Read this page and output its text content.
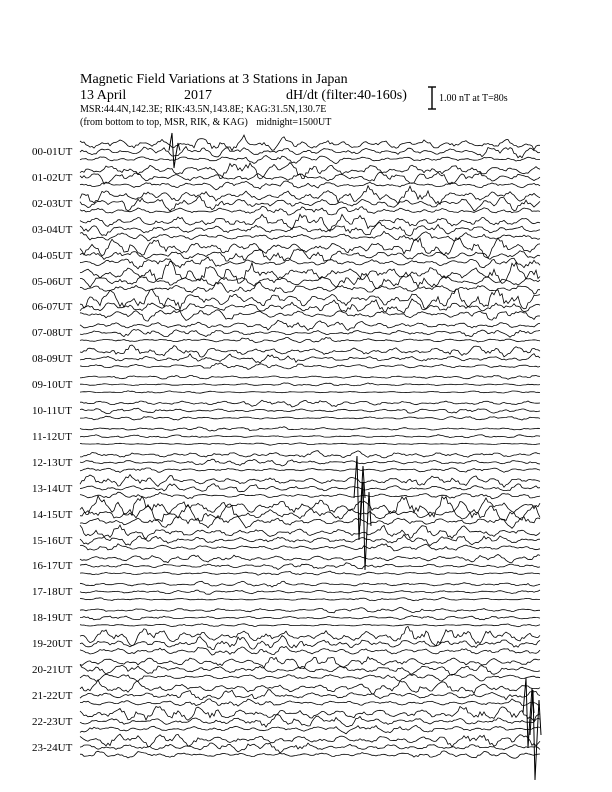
Magnetic Field Variations at 3 Stations in Japan
13 April	2017	dH/dt (filter:40-160s)
MSR:44.4N,142.3E; RIK:43.5N,143.8E; KAG:31.5N,130.7E
(from bottom to top, MSR, RIK, & KAG) midnight=1500UT
1.00 nT at T=80s
00-01UT
01-02UT
02-03UT
03-04UT
04-05UT
05-06UT
06-07UT
07-08UT
08-09UT
09-10UT
10-11UT
11-12UT
12-13UT
13-14UT
14-15UT
15-16UT
16-17UT
17-18UT
18-19UT
19-20UT
20-21UT
21-22UT
22-23UT
23-24UT
